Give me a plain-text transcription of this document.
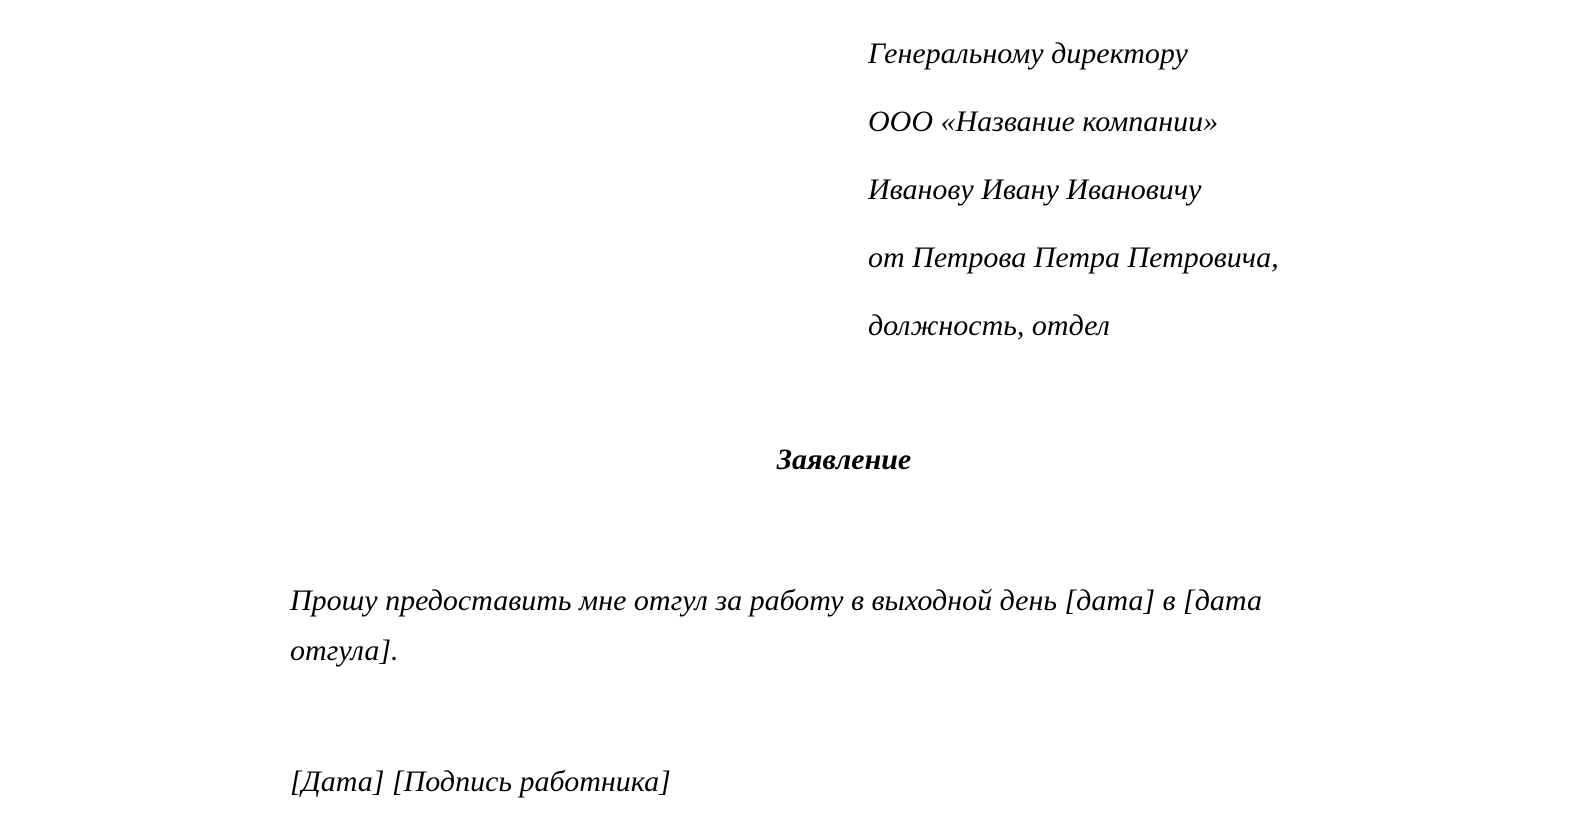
Генеральному директору
ООО «Название компании»
Иванову Ивану Ивановичу
от Петрова Петра Петровича,
должность, отдел
Заявление
Прошу предоставить мне отгул за работу в выходной день [дата] в [дата отгула].
[Дата] [Подпись работника]
